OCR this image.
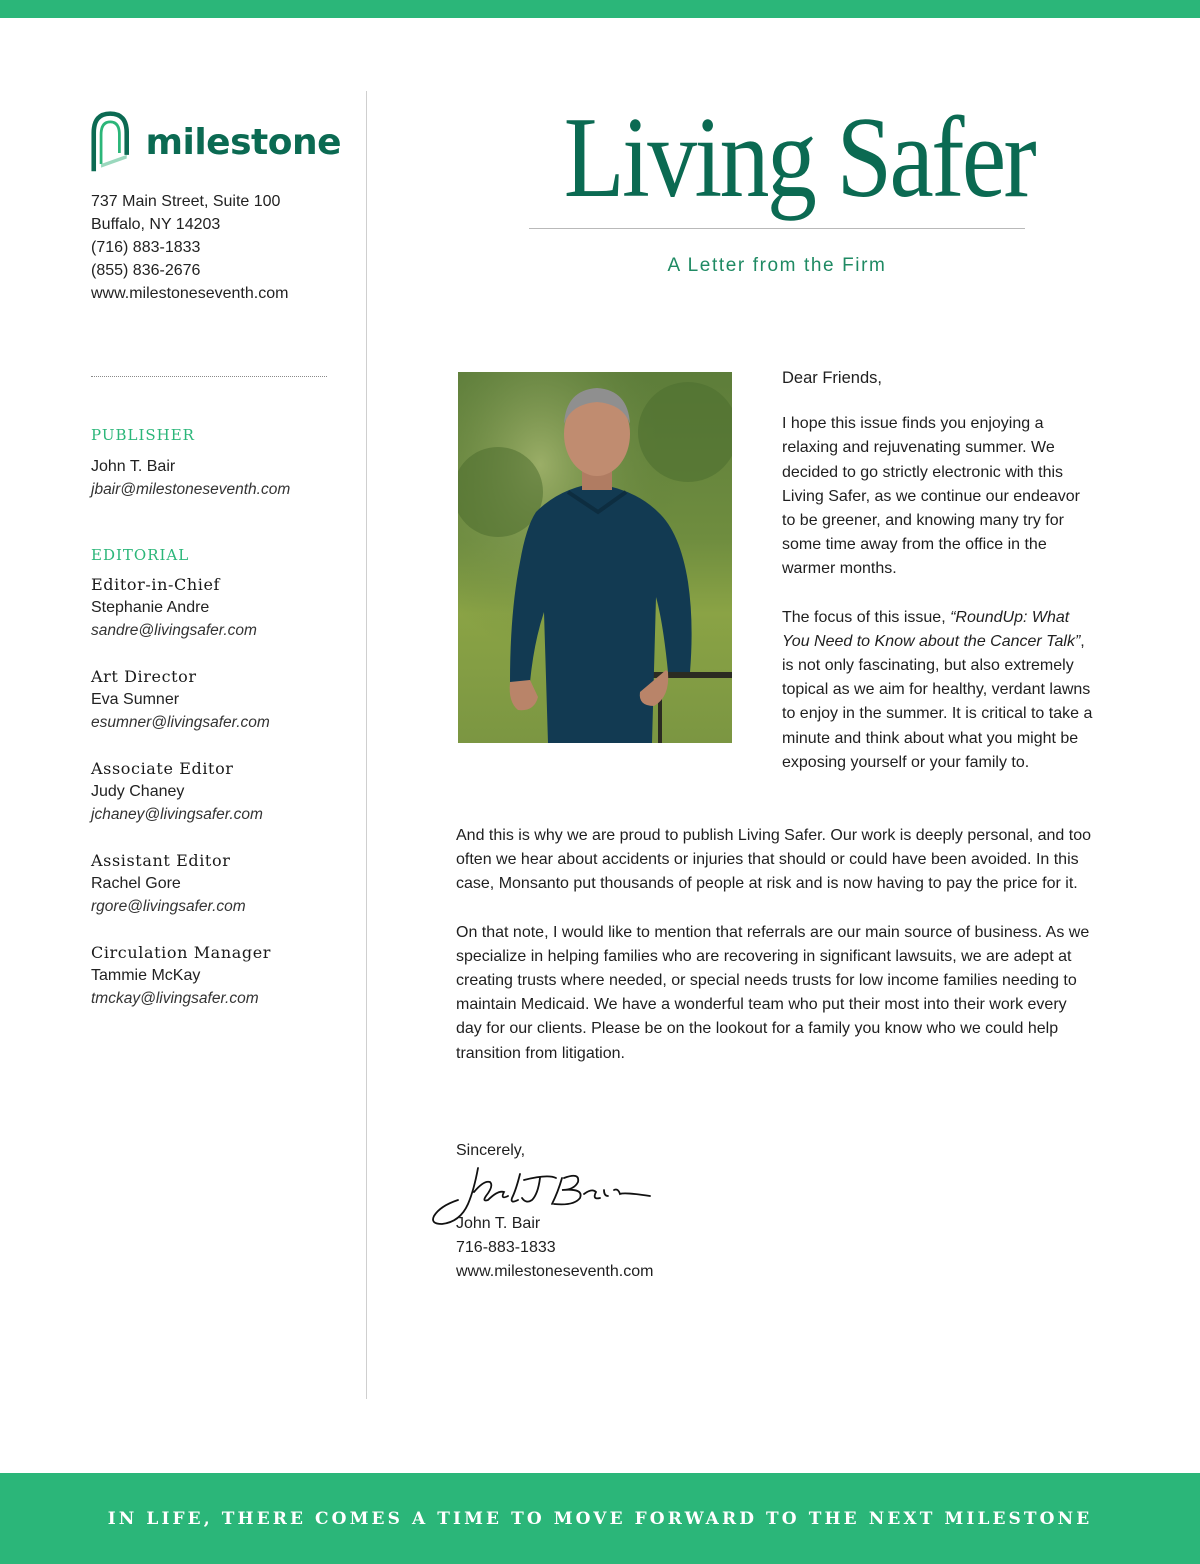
milestone
737 Main Street, Suite 100
Buffalo, NY 14203
(716) 883-1833
(855) 836-2676
www.milestoneseventh.com
PUBLISHER
John T. Bair
jbair@milestoneseventh.com
EDITORIAL
Editor-in-Chief
Stephanie Andre
sandre@livingsafer.com
Art Director
Eva Sumner
esumner@livingsafer.com
Associate Editor
Judy Chaney
jchaney@livingsafer.com
Assistant Editor
Rachel Gore
rgore@livingsafer.com
Circulation Manager
Tammie McKay
tmckay@livingsafer.com
Living Safer
A Letter from the Firm

Dear Friends,

I hope this issue finds you enjoying a relaxing and rejuvenating summer. We decided to go strictly electronic with this Living Safer, as we continue our endeavor to be greener, and knowing many try for some time away from the office in the warmer months.

The focus of this issue, “RoundUp: What You Need to Know about the Cancer Talk”, is not only fascinating, but also extremely topical as we aim for healthy, verdant lawns to enjoy in the summer. It is critical to take a minute and think about what you might be exposing yourself or your family to.

And this is why we are proud to publish Living Safer. Our work is deeply personal, and too often we hear about accidents or injuries that should or could have been avoided. In this case, Monsanto put thousands of people at risk and is now having to pay the price for it.

On that note, I would like to mention that referrals are our main source of business. As we specialize in helping families who are recovering in significant lawsuits, we are adept at creating trusts where needed, or special needs trusts for low income families needing to maintain Medicaid. We have a wonderful team who put their most into their work every day for our clients. Please be on the lookout for a family you know who we could help transition from litigation.

Sincerely,
John T. Bair
716-883-1833
www.milestoneseventh.com
IN LIFE, THERE COMES A TIME TO MOVE FORWARD TO THE NEXT MILESTONE
